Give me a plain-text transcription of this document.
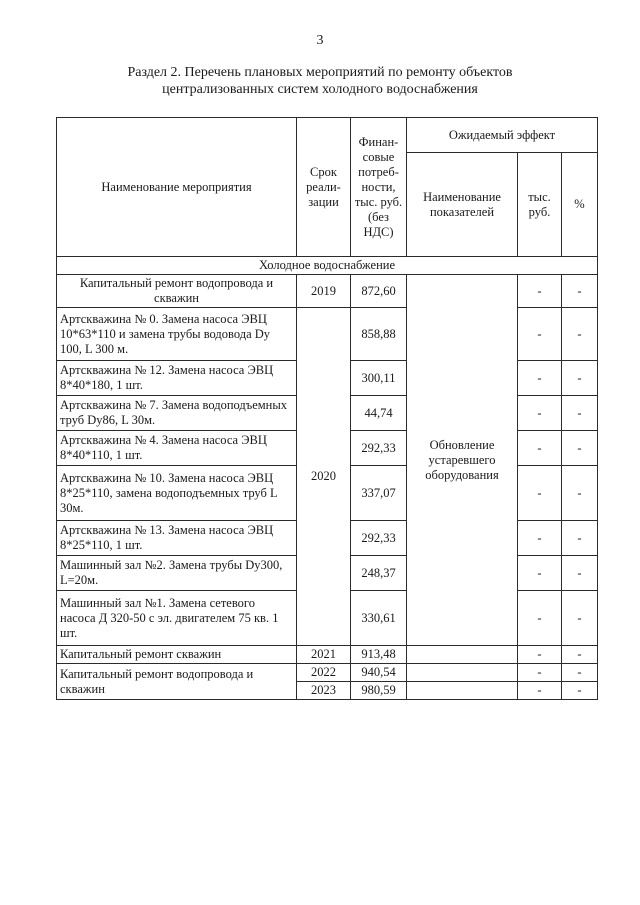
3
Раздел 2. Перечень плановых мероприятий по ремонту объектов
централизованных систем холодного водоснабжения
Наименование мероприятия	Срок реали-зации	Финан-совые потреб-ности, тыс. руб. (без НДС)	Ожидаемый эффект		
			Наименование показателей	тыс. руб.	%
Холодное водоснабжение					
Капитальный ремонт водопровода и скважин	2019	872,60	Обновление устаревшего оборудования	-	-
Артскважина № 0. Замена насоса ЭВЦ 10*63*110 и замена трубы водовода Dy 100, L 300 м.	2020	858,88		-	-
Артскважина № 12. Замена насоса ЭВЦ 8*40*180, 1 шт.		300,11		-	-
Артскважина № 7. Замена водоподъемных труб Dy86, L 30м.		44,74		-	-
Артскважина № 4. Замена насоса ЭВЦ 8*40*110, 1 шт.		292,33		-	-
Артскважина № 10. Замена насоса ЭВЦ 8*25*110, замена водоподъемных труб L 30м.		337,07		-	-
Артскважина № 13. Замена насоса ЭВЦ 8*25*110, 1 шт.		292,33		-	-
Машинный зал №2. Замена трубы Dy300, L=20м.		248,37		-	-
Машинный зал №1. Замена сетевого насоса Д 320-50 с эл. двигателем 75 кв. 1 шт.		330,61		-	-
Капитальный ремонт скважин	2021	913,48		-	-
Капитальный ремонт водопровода и скважин	2022	940,54		-	-
	2023	980,59		-	-
